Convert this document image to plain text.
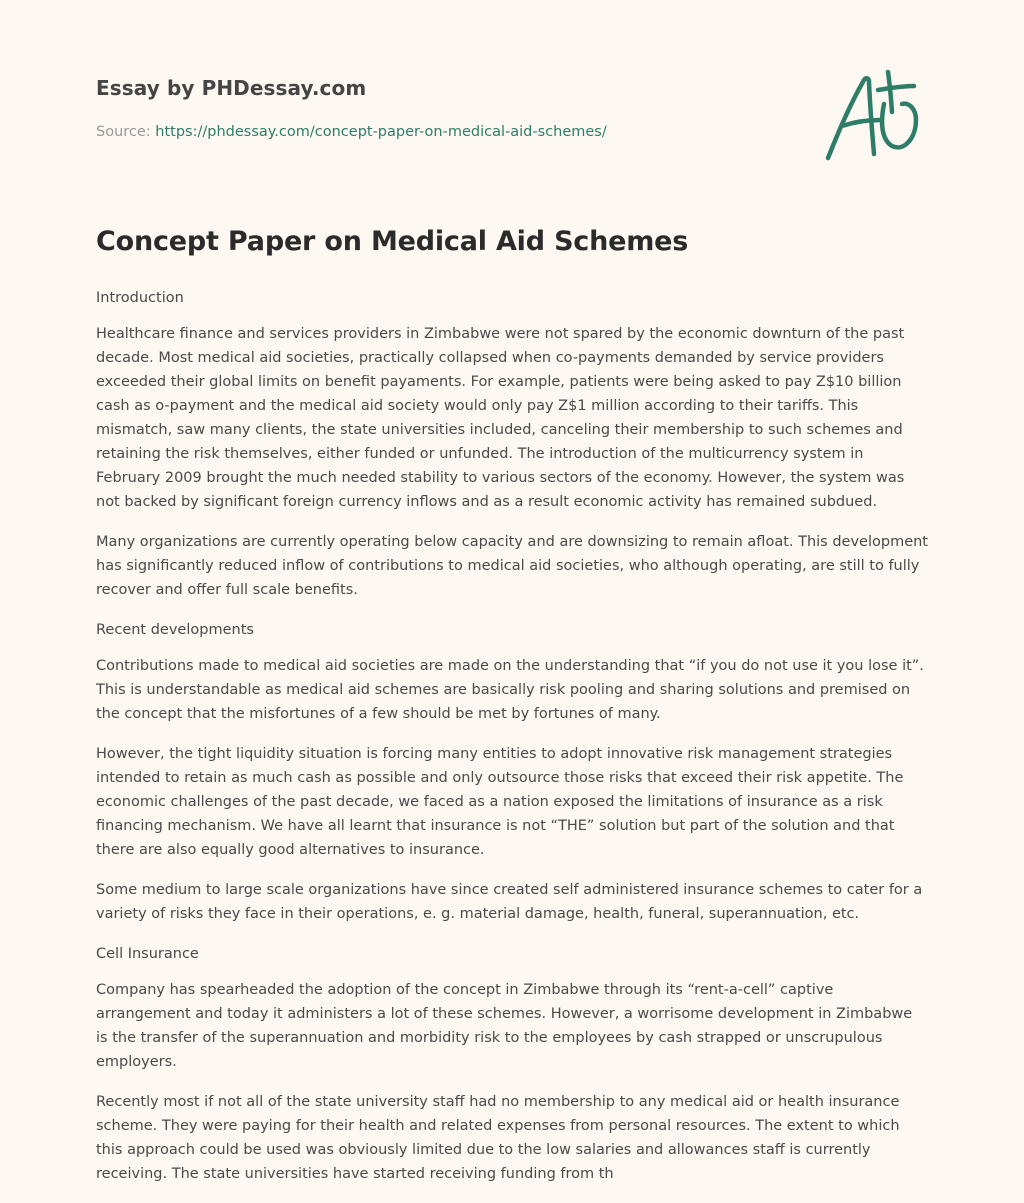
Essay by PHDessay.com

Source: https://phdessay.com/concept-paper-on-medical-aid-schemes/

Concept Paper on Medical Aid Schemes

Introduction

Healthcare finance and services providers in Zimbabwe were not spared by the economic downturn of the past decade. Most medical aid societies, practically collapsed when co-payments demanded by service providers exceeded their global limits on benefit payaments. For example, patients were being asked to pay Z$10 billion cash as o-payment and the medical aid society would only pay Z$1 million according to their tariffs. This mismatch, saw many clients, the state universities included, canceling their membership to such schemes and retaining the risk themselves, either funded or unfunded. The introduction of the multicurrency system in February 2009 brought the much needed stability to various sectors of the economy. However, the system was not backed by significant foreign currency inflows and as a result economic activity has remained subdued.

Many organizations are currently operating below capacity and are downsizing to remain afloat. This development has significantly reduced inflow of contributions to medical aid societies, who although operating, are still to fully recover and offer full scale benefits.

Recent developments

Contributions made to medical aid societies are made on the understanding that “if you do not use it you lose it”. This is understandable as medical aid schemes are basically risk pooling and sharing solutions and premised on the concept that the misfortunes of a few should be met by fortunes of many.

However, the tight liquidity situation is forcing many entities to adopt innovative risk management strategies intended to retain as much cash as possible and only outsource those risks that exceed their risk appetite. The economic challenges of the past decade, we faced as a nation exposed the limitations of insurance as a risk financing mechanism. We have all learnt that insurance is not “THE” solution but part of the solution and that there are also equally good alternatives to insurance.

Some medium to large scale organizations have since created self administered insurance schemes to cater for a variety of risks they face in their operations, e. g. material damage, health, funeral, superannuation, etc.

Cell Insurance

Company has spearheaded the adoption of the concept in Zimbabwe through its “rent-a-cell” captive arrangement and today it administers a lot of these schemes. However, a worrisome development in Zimbabwe is the transfer of the superannuation and morbidity risk to the employees by cash strapped or unscrupulous employers.

Recently most if not all of the state university staff had no membership to any medical aid or health insurance scheme. They were paying for their health and related expenses from personal resources. The extent to which this approach could be used was obviously limited due to the low salaries and allowances staff is currently receiving. The state universities have started receiving funding from th
